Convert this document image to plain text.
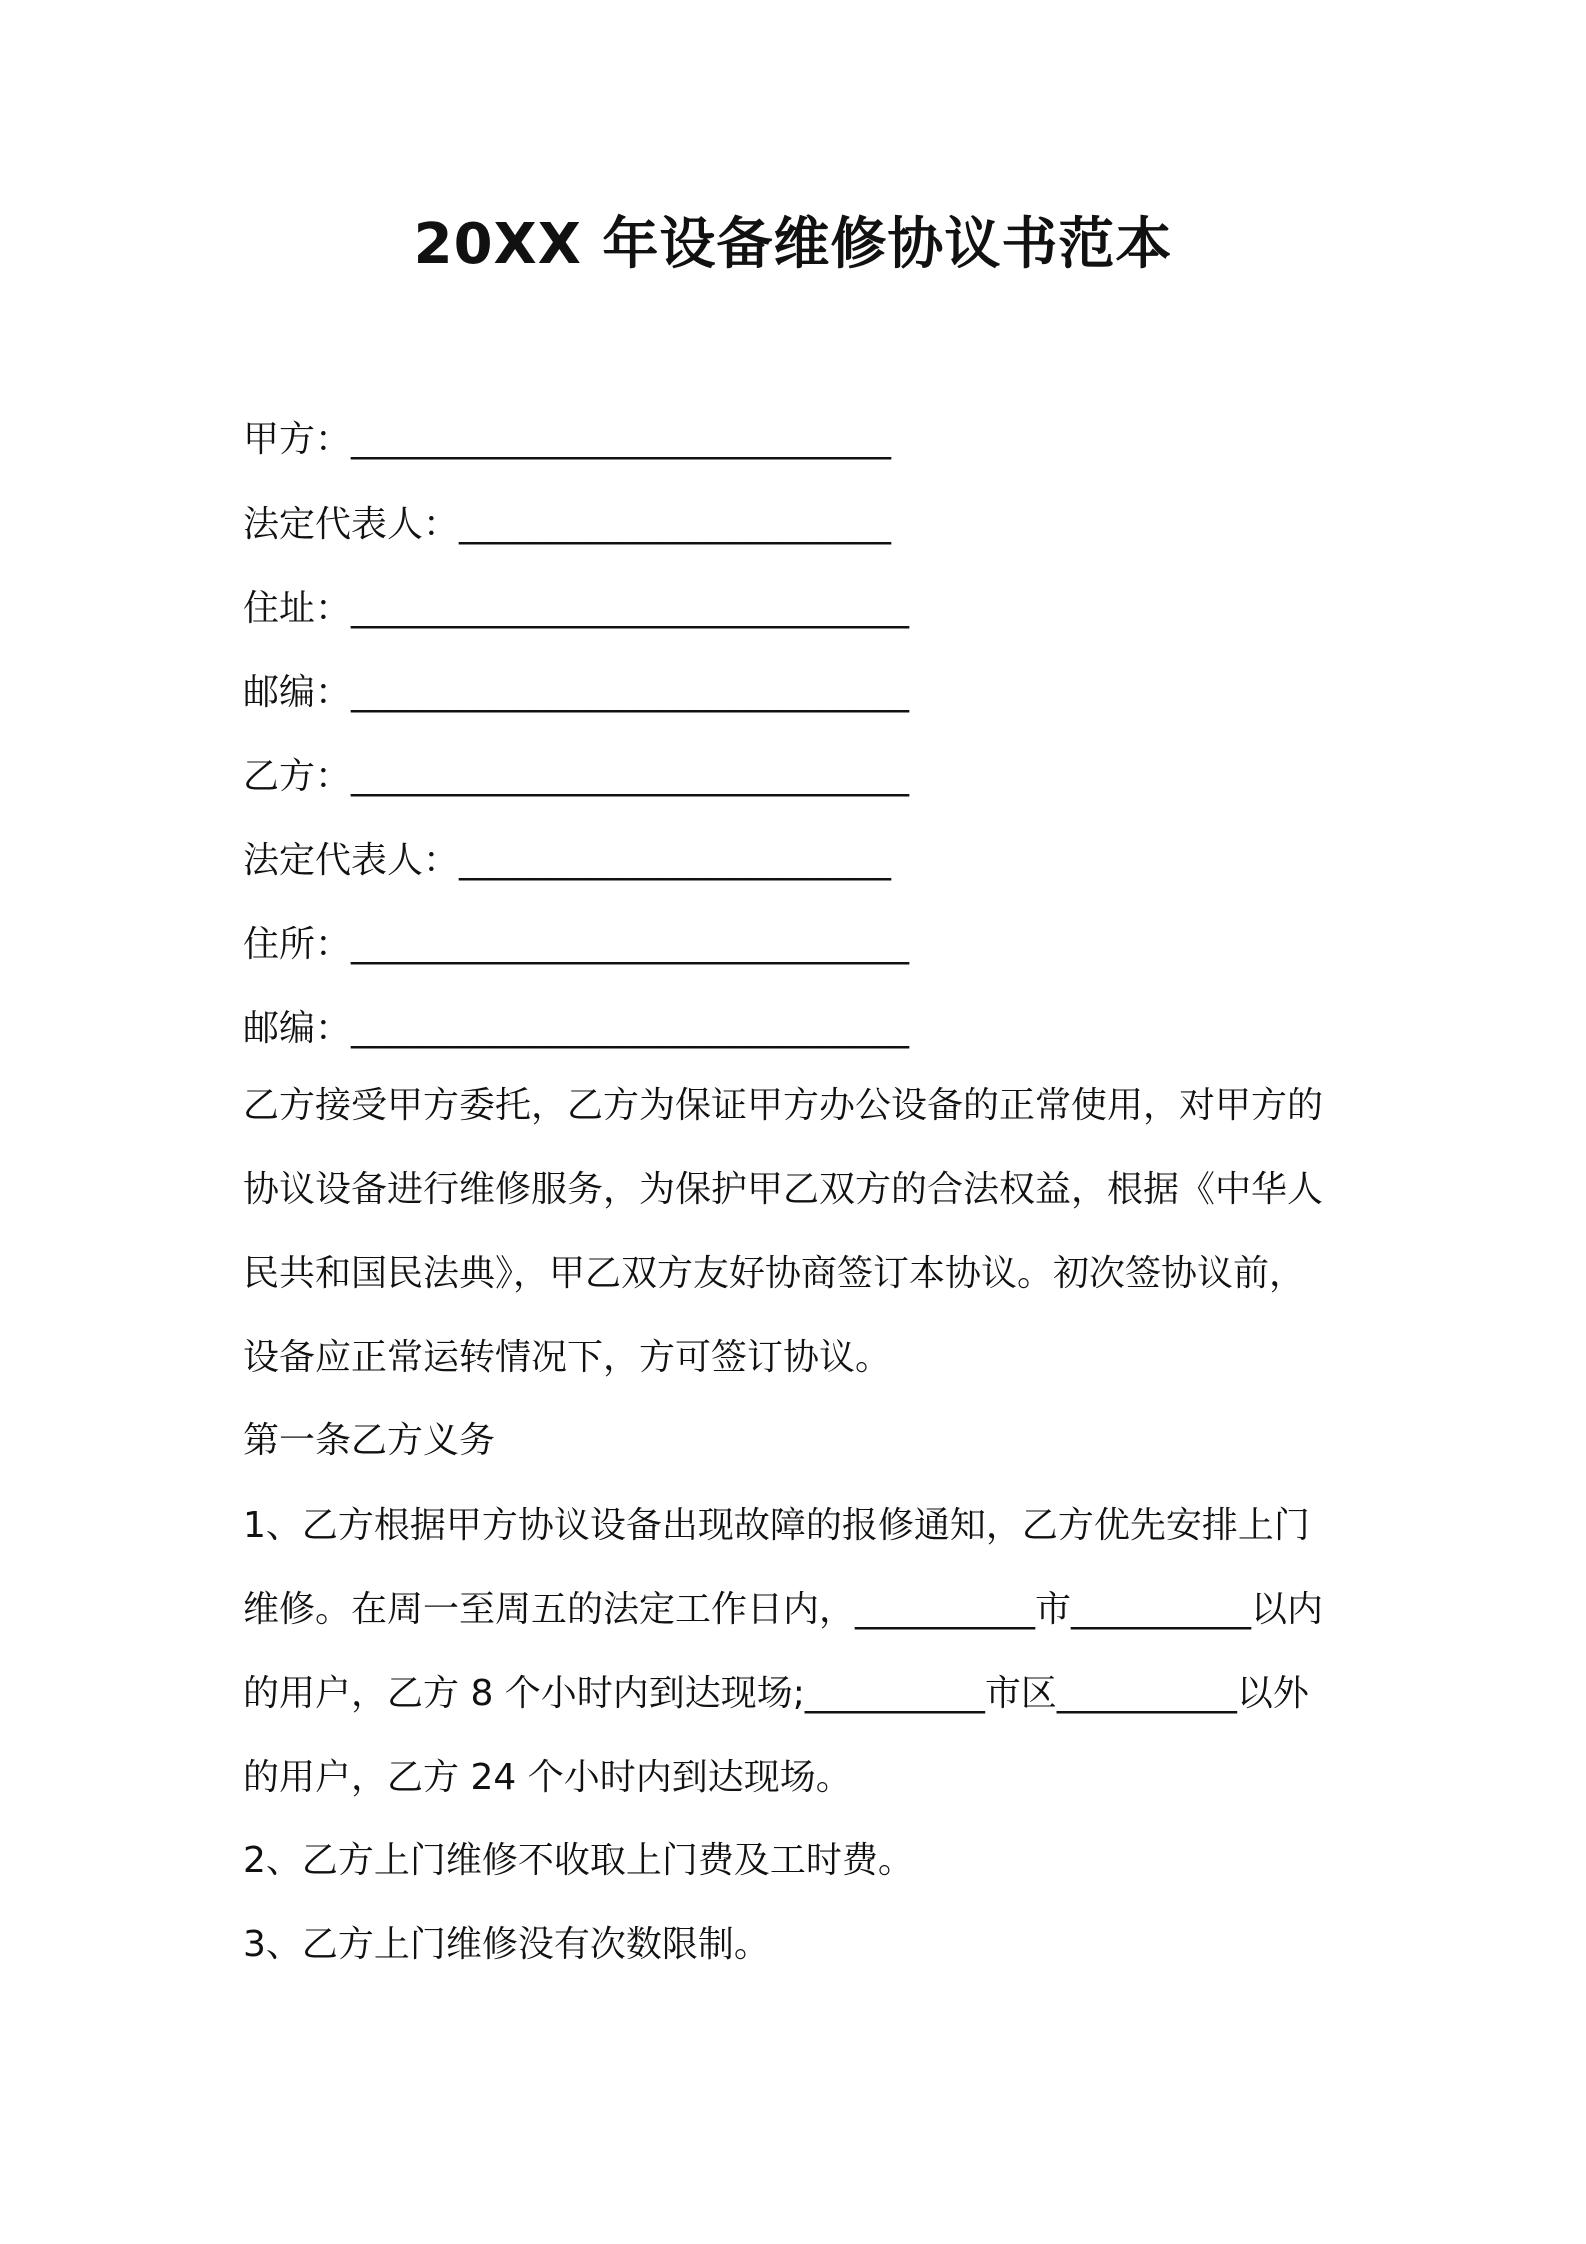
20XX 年设备维修协议书范本
甲方：______________________________
法定代表人：________________________
住址：_______________________________
邮编：_______________________________
乙方：_______________________________
法定代表人：________________________
住所：_______________________________
邮编：_______________________________
乙方接受甲方委托，乙方为保证甲方办公设备的正常使用，对甲方的
协议设备进行维修服务，为保护甲乙双方的合法权益，根据《中华人
民共和国民法典》，甲乙双方友好协商签订本协议。初次签协议前，
设备应正常运转情况下，方可签订协议。
第一条乙方义务
1、乙方根据甲方协议设备出现故障的报修通知，乙方优先安排上门
维修。在周一至周五的法定工作日内，__________市__________以内
的用户，乙方 8 个小时内到达现场;__________市区__________以外
的用户，乙方 24 个小时内到达现场。
2、乙方上门维修不收取上门费及工时费。
3、乙方上门维修没有次数限制。
